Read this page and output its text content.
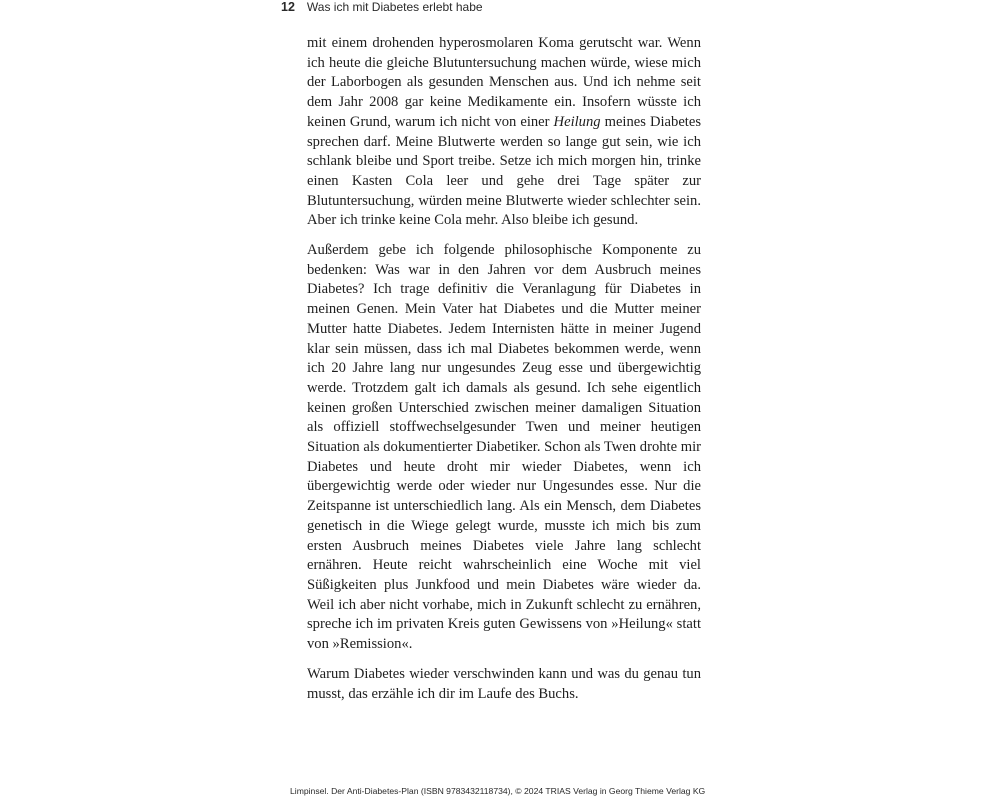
12 Was ich mit Diabetes erlebt habe

mit einem drohenden hyperosmolaren Koma gerutscht war. Wenn ich heute die gleiche Blutuntersuchung machen würde, wiese mich der Laborbogen als gesunden Menschen aus. Und ich nehme seit dem Jahr 2008 gar keine Medikamente ein. Insofern wüsste ich keinen Grund, warum ich nicht von einer Heilung meines Diabetes sprechen darf. Meine Blutwerte werden so lange gut sein, wie ich schlank bleibe und Sport treibe. Setze ich mich morgen hin, trinke einen Kasten Cola leer und gehe drei Tage später zur Blutuntersuchung, würden meine Blutwerte wieder schlechter sein. Aber ich trinke keine Cola mehr. Also bleibe ich gesund.

Außerdem gebe ich folgende philosophische Komponente zu bedenken: Was war in den Jahren vor dem Ausbruch meines Diabetes? Ich trage definitiv die Veranlagung für Diabetes in meinen Genen. Mein Vater hat Diabetes und die Mutter meiner Mutter hatte Diabetes. Jedem Internisten hätte in meiner Jugend klar sein müssen, dass ich mal Diabetes bekommen werde, wenn ich 20 Jahre lang nur ungesundes Zeug esse und übergewichtig werde. Trotzdem galt ich damals als gesund. Ich sehe eigentlich keinen großen Unterschied zwischen meiner damaligen Situation als offiziell stoffwechselgesunder Twen und meiner heutigen Situation als dokumentierter Diabetiker. Schon als Twen drohte mir Diabetes und heute droht mir wieder Diabetes, wenn ich übergewichtig werde oder wieder nur Ungesundes esse. Nur die Zeitspanne ist unterschiedlich lang. Als ein Mensch, dem Diabetes genetisch in die Wiege gelegt wurde, musste ich mich bis zum ersten Ausbruch meines Diabetes viele Jahre lang schlecht ernähren. Heute reicht wahrscheinlich eine Woche mit viel Süßigkeiten plus Junkfood und mein Diabetes wäre wieder da. Weil ich aber nicht vorhabe, mich in Zukunft schlecht zu ernähren, spreche ich im privaten Kreis guten Gewissens von »Heilung« statt von »Remission«.

Warum Diabetes wieder verschwinden kann und was du genau tun musst, das erzähle ich dir im Laufe des Buchs.

Limpinsel. Der Anti-Diabetes-Plan (ISBN 9783432118734), © 2024 TRIAS Verlag in Georg Thieme Verlag KG
